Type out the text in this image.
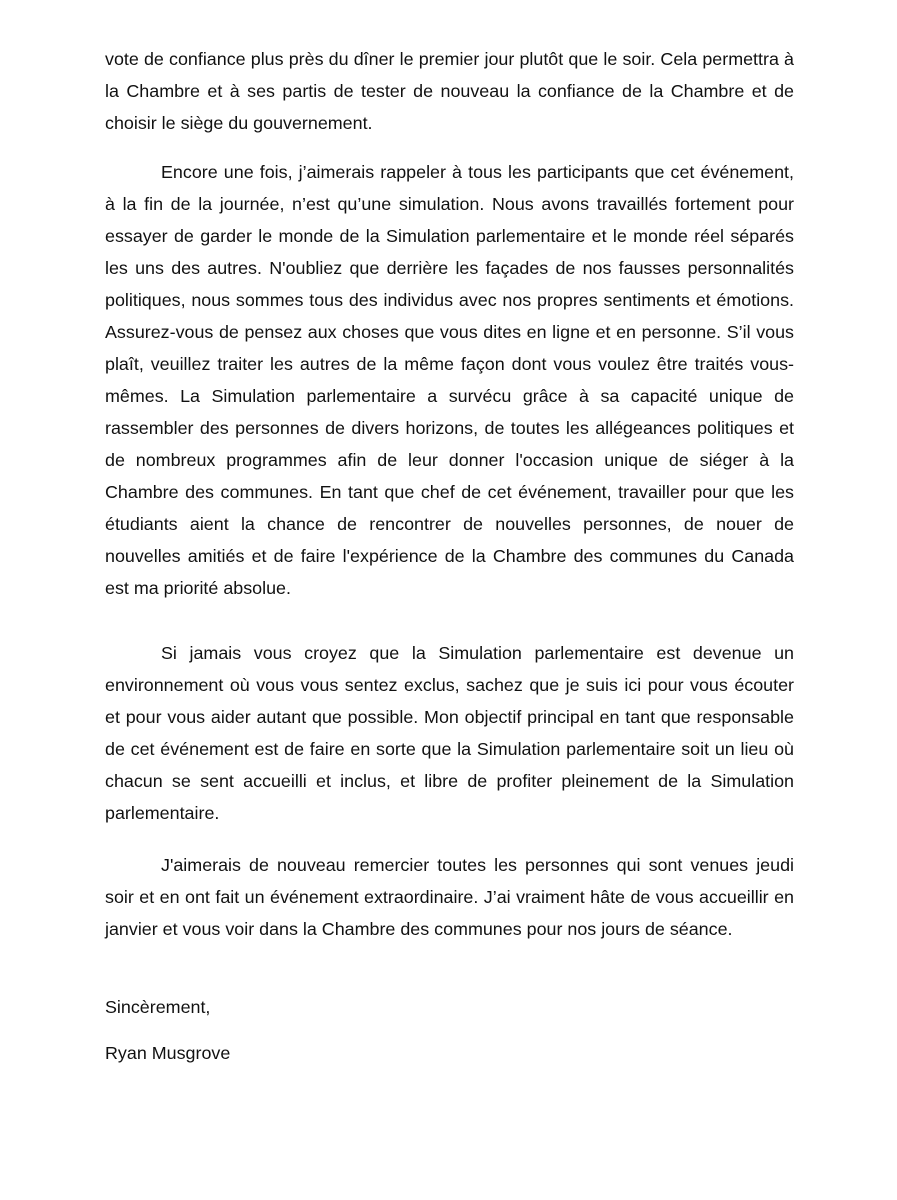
vote de confiance plus près du dîner le premier jour plutôt que le soir. Cela permettra à la Chambre et à ses partis de tester de nouveau la confiance de la Chambre et de choisir le siège du gouvernement.

Encore une fois, j’aimerais rappeler à tous les participants que cet événement, à la fin de la journée, n’est qu’une simulation. Nous avons travaillés fortement pour essayer de garder le monde de la Simulation parlementaire et le monde réel séparés les uns des autres. N'oubliez que derrière les façades de nos fausses personnalités politiques, nous sommes tous des individus avec nos propres sentiments et émotions. Assurez-vous de pensez aux choses que vous dites en ligne et en personne. S’il vous plaît, veuillez traiter les autres de la même façon dont vous voulez être traités vous-mêmes. La Simulation parlementaire a survécu grâce à sa capacité unique de rassembler des personnes de divers horizons, de toutes les allégeances politiques et de nombreux programmes afin de leur donner l'occasion unique de siéger à la Chambre des communes. En tant que chef de cet événement, travailler pour que les étudiants aient la chance de rencontrer de nouvelles personnes, de nouer de nouvelles amitiés et de faire l'expérience de la Chambre des communes du Canada est ma priorité absolue.

Si jamais vous croyez que la Simulation parlementaire est devenue un environnement où vous vous sentez exclus, sachez que je suis ici pour vous écouter et pour vous aider autant que possible. Mon objectif principal en tant que responsable de cet événement est de faire en sorte que la Simulation parlementaire soit un lieu où chacun se sent accueilli et inclus, et libre de profiter pleinement de la Simulation parlementaire.

J'aimerais de nouveau remercier toutes les personnes qui sont venues jeudi soir et en ont fait un événement extraordinaire. J’ai vraiment hâte de vous accueillir en janvier et vous voir dans la Chambre des communes pour nos jours de séance.

Sincèrement,
Ryan Musgrove
